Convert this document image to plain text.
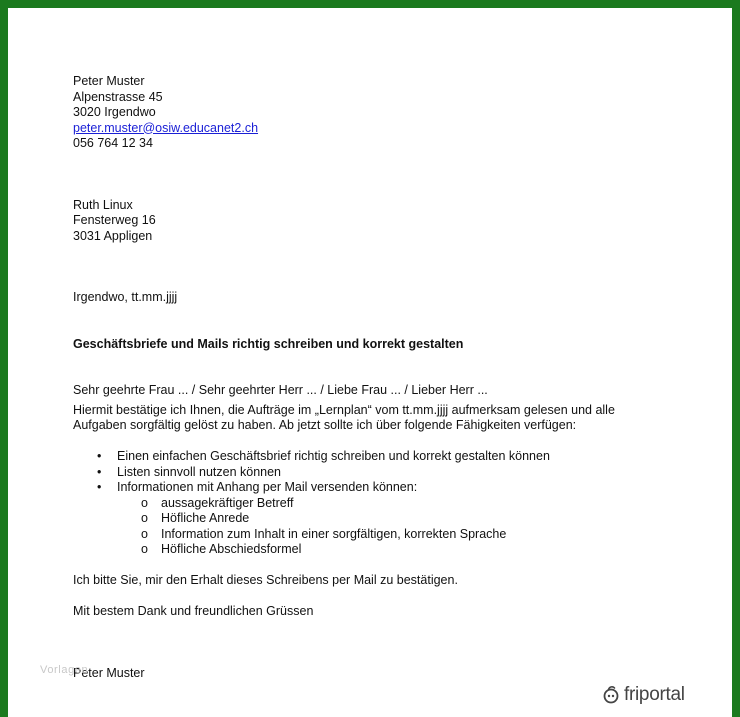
Peter Muster
Alpenstrasse 45
3020 Irgendwo
peter.muster@osiw.educanet2.ch
056 764 12 34
Ruth Linux
Fensterweg 16
3031 Appligen
Irgendwo, tt.mm.jjjj
Geschäftsbriefe und Mails richtig schreiben und korrekt gestalten
Sehr geehrte Frau ... / Sehr geehrter Herr ... / Liebe Frau ... / Lieber Herr ...
Hiermit bestätige ich Ihnen, die Aufträge im „Lernplan“ vom tt.mm.jjjj aufmerksam gelesen und alle
Aufgaben sorgfältig gelöst zu haben. Ab jetzt sollte ich über folgende Fähigkeiten verfügen:
• Einen einfachen Geschäftsbrief richtig schreiben und korrekt gestalten können
• Listen sinnvoll nutzen können
• Informationen mit Anhang per Mail versenden können:
o aussagekräftiger Betreff
o Höfliche Anrede
o Information zum Inhalt in einer sorgfältigen, korrekten Sprache
o Höfliche Abschiedsformel
Ich bitte Sie, mir den Erhalt dieses Schreibens per Mail zu bestätigen.
Mit bestem Dank und freundlichen Grüssen
Peter Muster
Vorlagen
friportal
